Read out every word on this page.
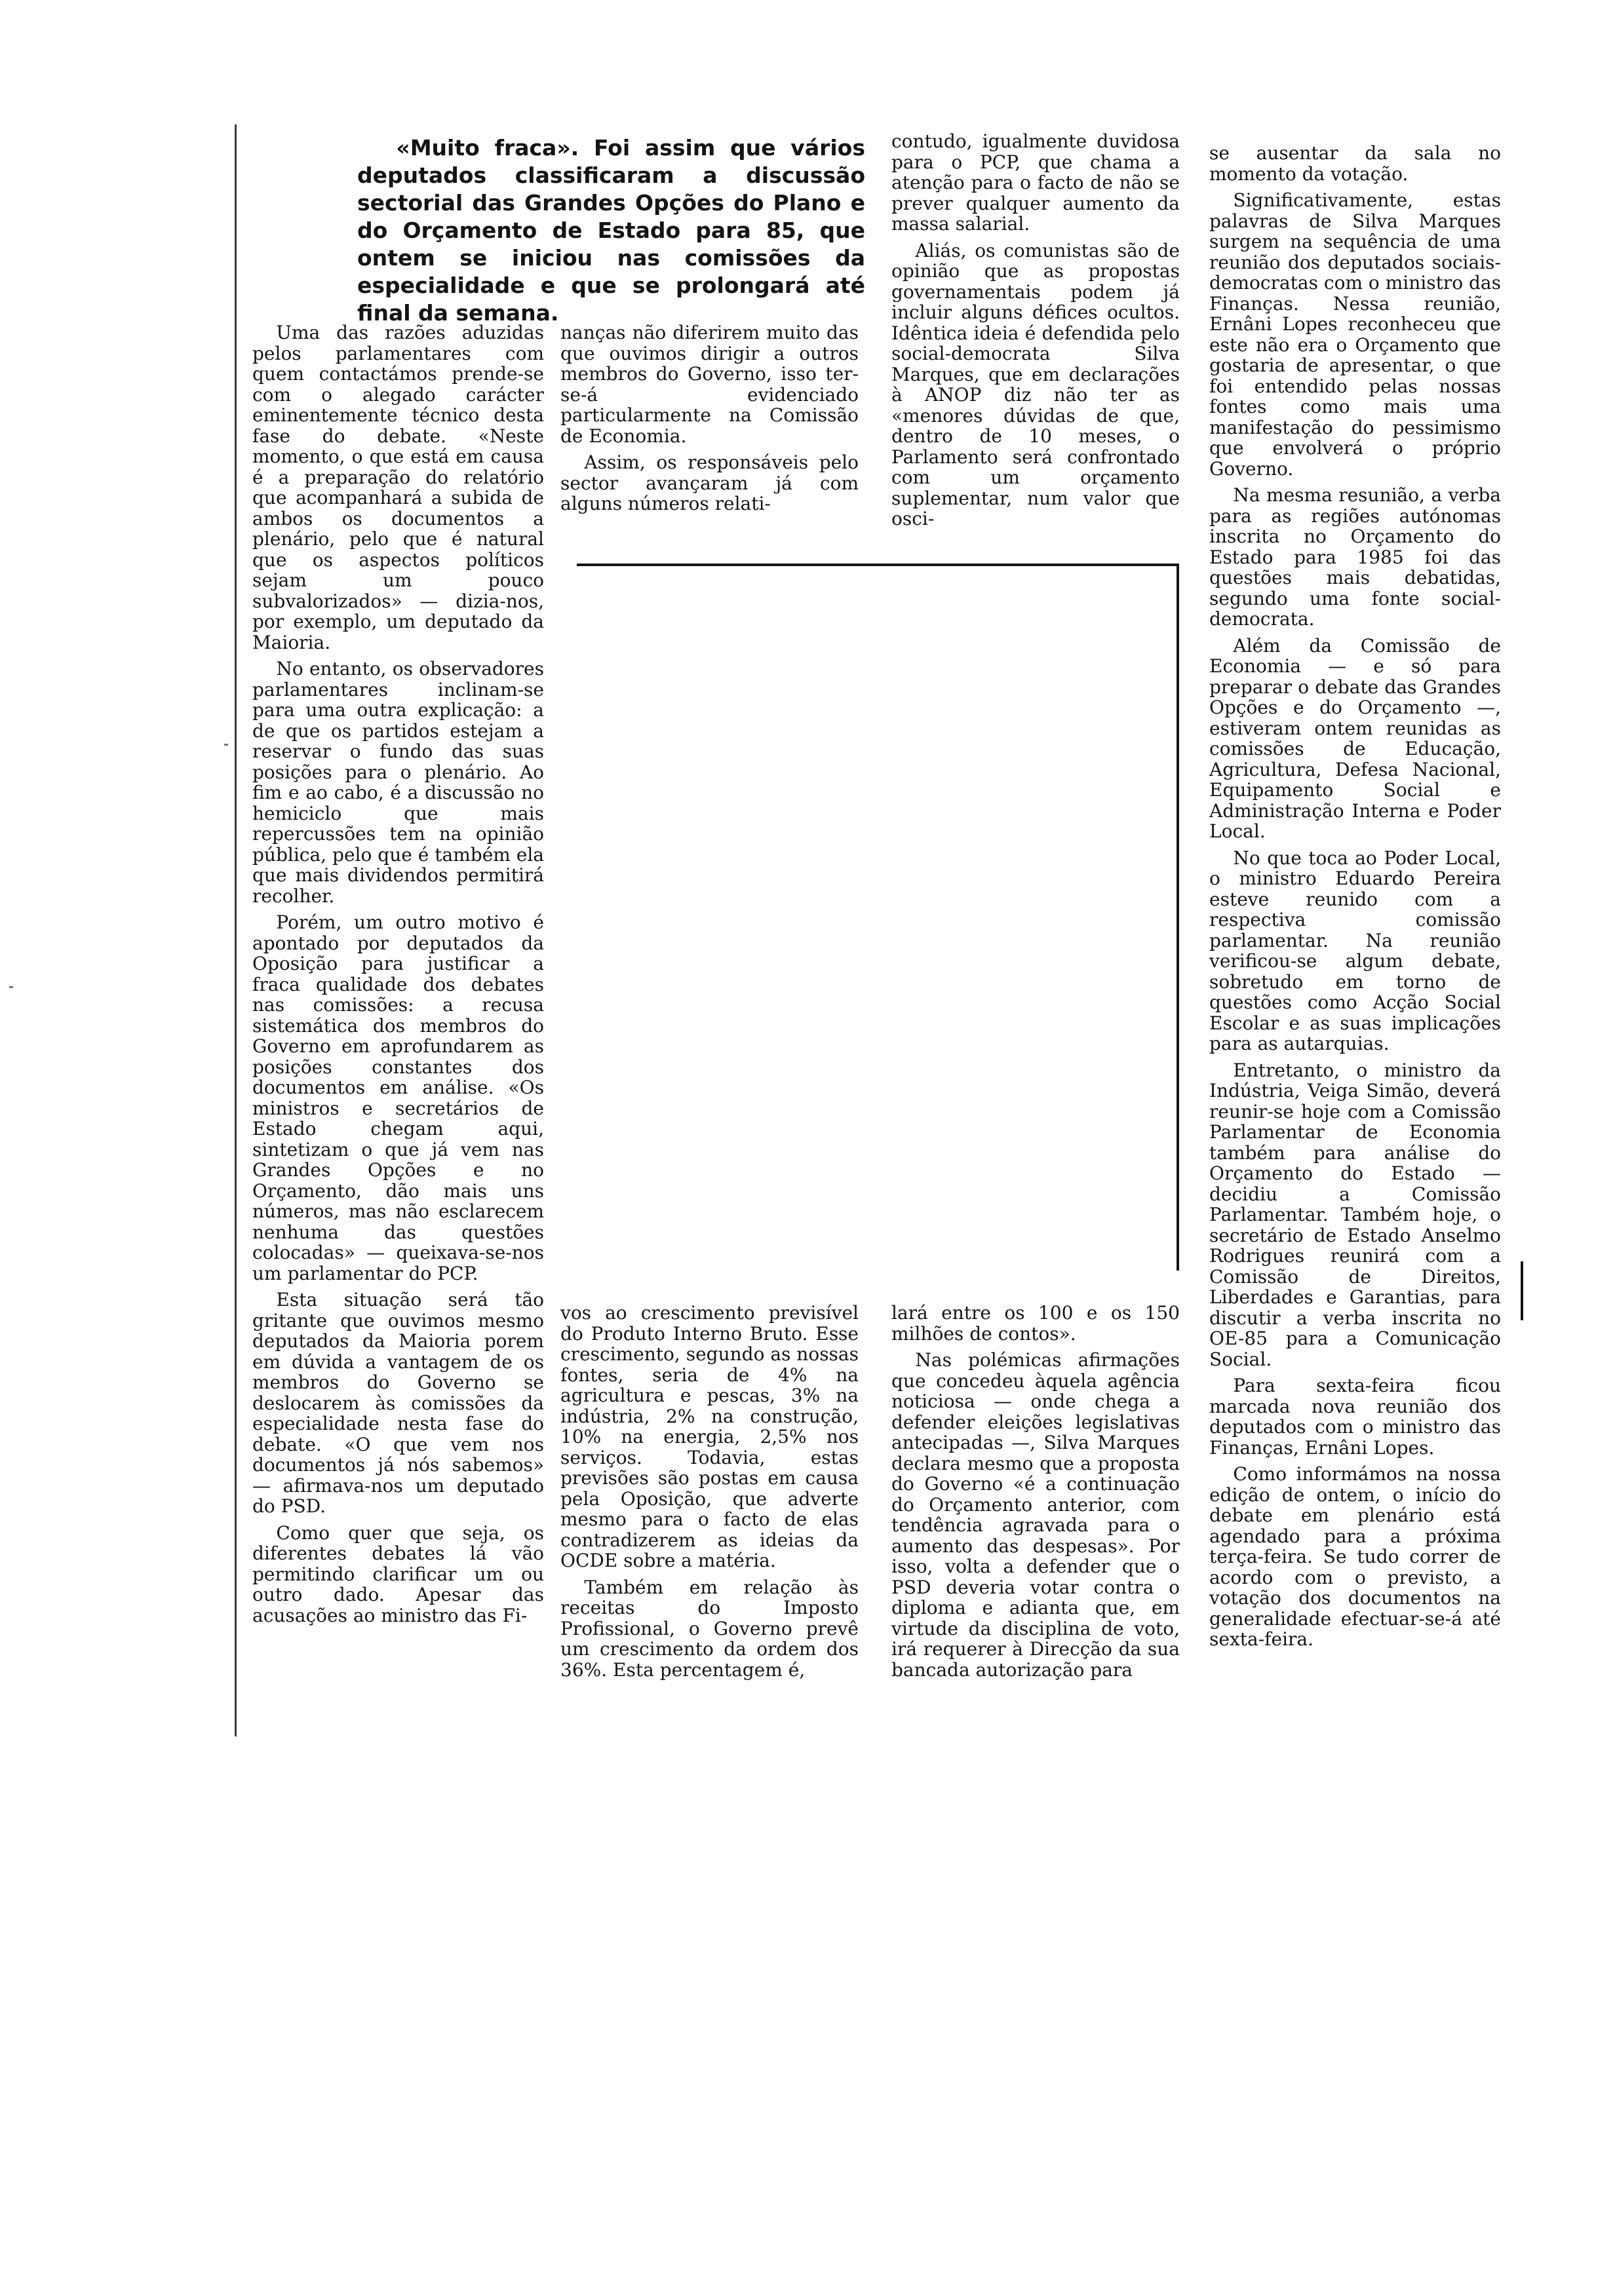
«Muito fraca». Foi assim que vários deputados classificaram a discussão sectorial das Grandes Opções do Plano e do Orçamento de Estado para 85, que ontem se iniciou nas comissões da especialidade e que se prolongará até final da semana.

Uma das razões aduzidas pelos parlamentares com quem contactámos prende-se com o alegado carácter eminentemente técnico desta fase do debate. «Neste momento, o que está em causa é a preparação do relatório que acompanhará a subida de ambos os documentos a plenário, pelo que é natural que os aspectos políticos sejam um pouco subvalorizados» — dizia-nos, por exemplo, um deputado da Maioria.

No entanto, os observadores parlamentares inclinam-se para uma outra explicação: a de que os partidos estejam a reservar o fundo das suas posições para o plenário. Ao fim e ao cabo, é a discussão no hemiciclo que mais repercussões tem na opinião pública, pelo que é também ela que mais dividendos permitirá recolher.

Porém, um outro motivo é apontado por deputados da Oposição para justificar a fraca qualidade dos debates nas comissões: a recusa sistemática dos membros do Governo em aprofundarem as posições constantes dos documentos em análise. «Os ministros e secretários de Estado chegam aqui, sintetizam o que já vem nas Grandes Opções e no Orçamento, dão mais uns números, mas não esclarecem nenhuma das questões colocadas» — queixava-se-nos um parlamentar do PCP.

Esta situação será tão gritante que ouvimos mesmo deputados da Maioria porem em dúvida a vantagem de os membros do Governo se deslocarem às comissões da especialidade nesta fase do debate. «O que vem nos documentos já nós sabemos» — afirmava-nos um deputado do PSD.

Como quer que seja, os diferentes debates lá vão permitindo clarificar um ou outro dado. Apesar das acusações ao ministro das Fi-

nanças não diferirem muito das que ouvimos dirigir a outros membros do Governo, isso ter-se-á evidenciado particularmente na Comissão de Economia.

Assim, os responsáveis pelo sector avançaram já com alguns números relati-

vos ao crescimento previsível do Produto Interno Bruto. Esse crescimento, segundo as nossas fontes, seria de 4% na agricultura e pescas, 3% na indústria, 2% na construção, 10% na energia, 2,5% nos serviços. Todavia, estas previsões são postas em causa pela Oposição, que adverte mesmo para o facto de elas contradizerem as ideias da OCDE sobre a matéria.

Também em relação às receitas do Imposto Profissional, o Governo prevê um crescimento da ordem dos 36%. Esta percentagem é,

contudo, igualmente duvidosa para o PCP, que chama a atenção para o facto de não se prever qualquer aumento da massa salarial.

Aliás, os comunistas são de opinião que as propostas governamentais podem já incluir alguns défices ocultos. Idêntica ideia é defendida pelo social-democrata Silva Marques, que em declarações à ANOP diz não ter as «menores dúvidas de que, dentro de 10 meses, o Parlamento será confrontado com um orçamento suplementar, num valor que osci-

lará entre os 100 e os 150 milhões de contos».

Nas polémicas afirmações que concedeu àquela agência noticiosa — onde chega a defender eleições legislativas antecipadas —, Silva Marques declara mesmo que a proposta do Governo «é a continuação do Orçamento anterior, com tendência agravada para o aumento das despesas». Por isso, volta a defender que o PSD deveria votar contra o diploma e adianta que, em virtude da disciplina de voto, irá requerer à Direcção da sua bancada autorização para

se ausentar da sala no momento da votação.

Significativamente, estas palavras de Silva Marques surgem na sequência de uma reunião dos deputados sociais-democratas com o ministro das Finanças. Nessa reunião, Ernâni Lopes reconheceu que este não era o Orçamento que gostaria de apresentar, o que foi entendido pelas nossas fontes como mais uma manifestação do pessimismo que envolverá o próprio Governo.

Na mesma resunião, a verba para as regiões autónomas inscrita no Orçamento do Estado para 1985 foi das questões mais debatidas, segundo uma fonte social-democrata.

Além da Comissão de Economia — e só para preparar o debate das Grandes Opções e do Orçamento —, estiveram ontem reunidas as comissões de Educação, Agricultura, Defesa Nacional, Equipamento Social e Administração Interna e Poder Local.

No que toca ao Poder Local, o ministro Eduardo Pereira esteve reunido com a respectiva comissão parlamentar. Na reunião verificou-se algum debate, sobretudo em torno de questões como Acção Social Escolar e as suas implicações para as autarquias.

Entretanto, o ministro da Indústria, Veiga Simão, deverá reunir-se hoje com a Comissão Parlamentar de Economia também para análise do Orçamento do Estado — decidiu a Comissão Parlamentar. Também hoje, o secretário de Estado Anselmo Rodrigues reunirá com a Comissão de Direitos, Liberdades e Garantias, para discutir a verba inscrita no OE-85 para a Comunicação Social.

Para sexta-feira ficou marcada nova reunião dos deputados com o ministro das Finanças, Ernâni Lopes.

Como informámos na nossa edição de ontem, o início do debate em plenário está agendado para a próxima terça-feira. Se tudo correr de acordo com o previsto, a votação dos documentos na generalidade efectuar-se-á até sexta-feira.
